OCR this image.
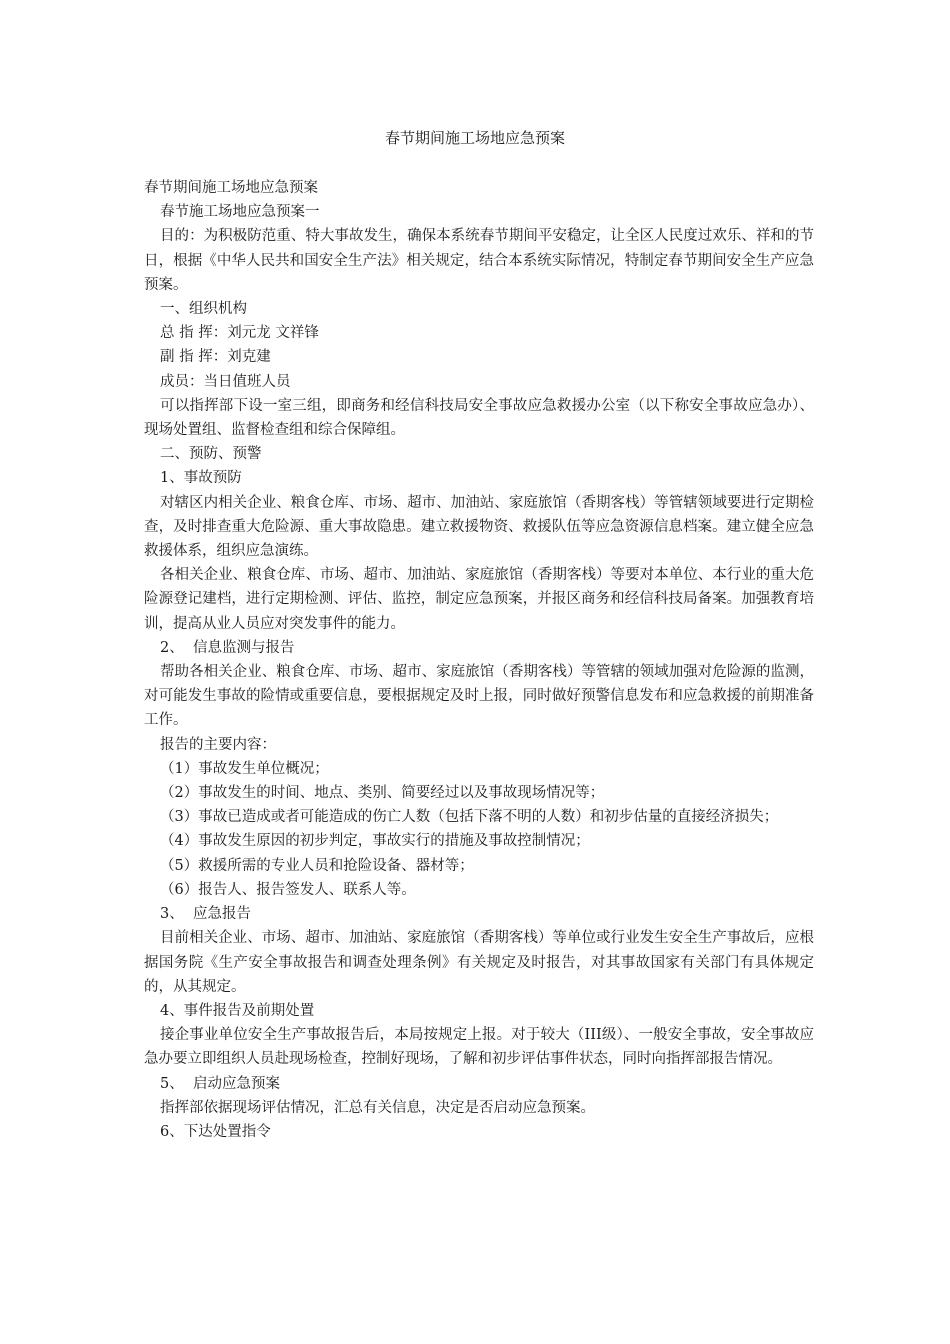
春节期间施工场地应急预案

春节期间施工场地应急预案

春节施工场地应急预案一

目的：为积极防范重、特大事故发生，确保本系统春节期间平安稳定，让全区人民度过欢乐、祥和的节日，根据《中华人民共和国安全生产法》相关规定，结合本系统实际情况，特制定春节期间安全生产应急预案。

一、组织机构

总 指 挥：刘元龙 文祥锋

副 指 挥：刘克建

成员：当日值班人员

可以指挥部下设一室三组，即商务和经信科技局安全事故应急救援办公室（以下称安全事故应急办）、现场处置组、监督检查组和综合保障组。

二、预防、预警

1、事故预防

对辖区内相关企业、粮食仓库、市场、超市、加油站、家庭旅馆（香期客栈）等管辖领域要进行定期检查，及时排查重大危险源、重大事故隐患。建立救援物资、救援队伍等应急资源信息档案。建立健全应急救援体系，组织应急演练。

各相关企业、粮食仓库、市场、超市、加油站、家庭旅馆（香期客栈）等要对本单位、本行业的重大危险源登记建档，进行定期检测、评估、监控，制定应急预案，并报区商务和经信科技局备案。加强教育培训，提高从业人员应对突发事件的能力。

2、  信息监测与报告

帮助各相关企业、粮食仓库、市场、超市、家庭旅馆（香期客栈）等管辖的领域加强对危险源的监测，对可能发生事故的险情或重要信息，要根据规定及时上报，同时做好预警信息发布和应急救援的前期准备工作。

报告的主要内容：

（1）事故发生单位概况；

（2）事故发生的时间、地点、类别、简要经过以及事故现场情况等；

（3）事故已造成或者可能造成的伤亡人数（包括下落不明的人数）和初步估量的直接经济损失；

（4）事故发生原因的初步判定，事故实行的措施及事故控制情况；

（5）救援所需的专业人员和抢险设备、器材等；

（6）报告人、报告签发人、联系人等。

3、  应急报告

目前相关企业、市场、超市、加油站、家庭旅馆（香期客栈）等单位或行业发生安全生产事故后，应根据国务院《生产安全事故报告和调查处理条例》有关规定及时报告，对其事故国家有关部门有具体规定的，从其规定。

4、事件报告及前期处置

接企事业单位安全生产事故报告后，本局按规定上报。对于较大（III级）、一般安全事故，安全事故应急办要立即组织人员赴现场检查，控制好现场，了解和初步评估事件状态，同时向指挥部报告情况。

5、  启动应急预案

指挥部依据现场评估情况，汇总有关信息，决定是否启动应急预案。

6、下达处置指令
